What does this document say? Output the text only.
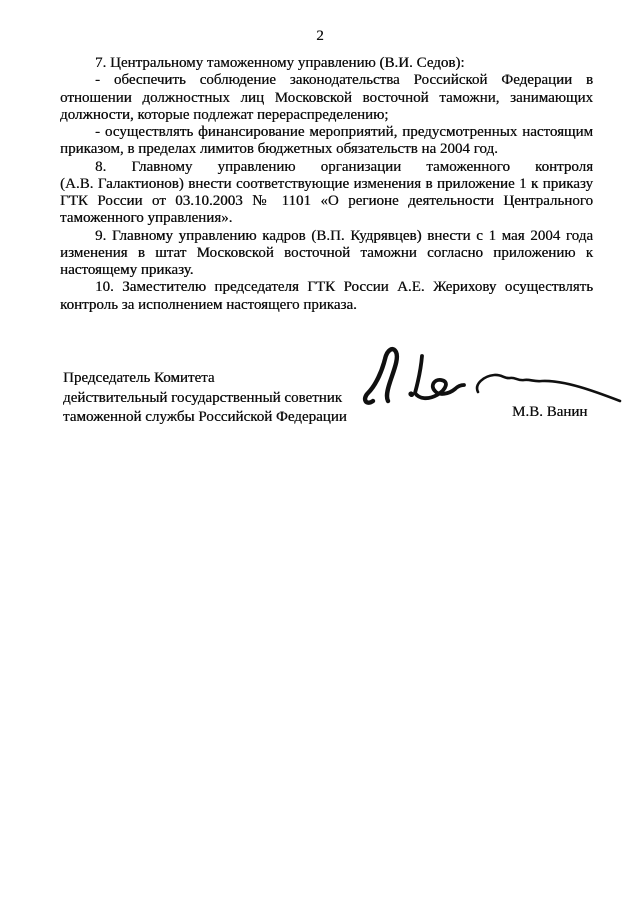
2

7. Центральному таможенному управлению (В.И. Седов):

- обеспечить соблюдение законодательства Российской Федерации в отношении должностных лиц Московской восточной таможни, занимающих должности, которые подлежат перераспределению;

- осуществлять финансирование мероприятий, предусмотренных настоящим приказом, в пределах лимитов бюджетных обязательств на 2004 год.

8. Главному управлению организации таможенного контроля (А.В. Галактионов) внести соответствующие изменения в приложение 1 к приказу ГТК России от 03.10.2003 № 1101 «О регионе деятельности Центрального таможенного управления».

9. Главному управлению кадров (В.П. Кудрявцев) внести с 1 мая 2004 года изменения в штат Московской восточной таможни согласно приложению к настоящему приказу.

10. Заместителю председателя ГТК России А.Е. Жерихову осуществлять контроль за исполнением настоящего приказа.

Председатель Комитета
действительный государственный советник
таможенной службы Российской Федерации	М.В. Ванин
